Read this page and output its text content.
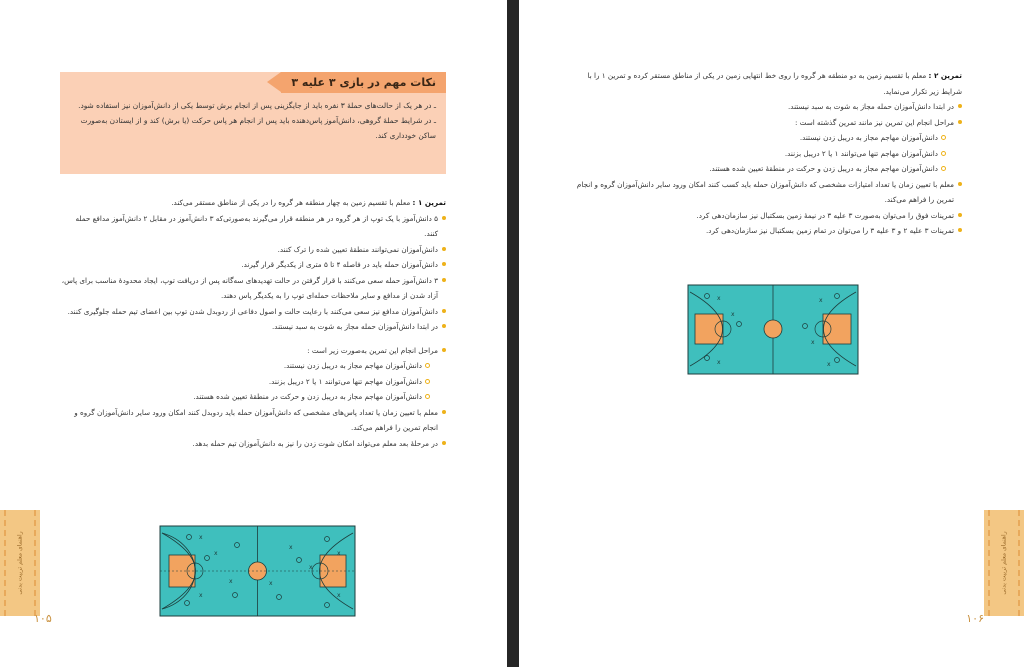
راهنمای معلم تربیت بدنی
۱۰۵
نکات مهم در بازی ۳ علیه ۳

ـ در هر یک از حالت‌های حملهٔ ۳ نفره باید از جایگزینی پس از انجام برش توسط یکی از دانش‌آموزان نیز استفاده شود.

ـ در شرایط حملهٔ گروهی، دانش‌آموز پاس‌دهنده باید پس از انجام هر پاس حرکت (یا برش) کند و از ایستادن به‌صورت ساکن خودداری کند.

تمرین ۱ : معلم با تقسیم زمین به چهار منطقه هر گروه را در یکی از مناطق مستقر می‌کند.

۵ دانش‌آموز با یک توپ از هر گروه در هر منطقه قرار می‌گیرند به‌صورتی‌که ۳ دانش‌آموز در مقابل ۲ دانش‌آموز مدافع حمله کنند.

دانش‌آموزان نمی‌توانند منطقهٔ تعیین شده را ترک کنند.

دانش‌آموزان حمله باید در فاصله ۴ تا ۵ متری از یکدیگر قرار گیرند.

۳ دانش‌آموز حمله سعی می‌کنند با قرار گرفتن در حالت تهدیدهای سه‌گانه پس از دریافت توپ، ایجاد محدودهٔ مناسب برای پاس، آزاد شدن از مدافع و سایر ملاحظات حمله‌ای توپ را به یکدیگر پاس دهند.

دانش‌آموزان مدافع نیز سعی می‌کنند با رعایت حالت و اصول دفاعی از رد‌وبدل شدن توپ بین اعضای تیم حمله جلوگیری کنند.

در ابتدا دانش‌آموزان حمله مجاز به شوت به سبد نیستند.

مراحل انجام این تمرین به‌صورت زیر است :

دانش‌آموزان مهاجم مجاز به دریبل زدن نیستند.

دانش‌آموزان مهاجم تنها می‌توانند ۱ یا ۲ دریبل بزنند.

دانش‌آموزان مهاجم مجاز به دریبل زدن و حرکت در منطقهٔ تعیین شده هستند.

معلم با تعیین زمان یا تعداد پاس‌های مشخصی که دانش‌آموزان حمله باید رد‌وبدل کنند امکان ورود سایر دانش‌آموزان گروه و انجام تمرین را فراهم می‌کند.

در مرحلهٔ بعد معلم می‌تواند امکان شوت زدن را نیز به دانش‌آموزان تیم حمله بدهد.

x
x
x
x
x
x
x
x
x	راهنمای معلم تربیت بدنی
۱۰۶

تمرین ۲ : معلم با تقسیم زمین به دو منطقه هر گروه را روی خط انتهایی زمین در یکی از مناطق مستقر کرده و تمرین ۱ را با شرایط زیر تکرار می‌نماید.

در ابتدا دانش‌آموزان حمله مجاز به شوت به سبد نیستند.

مراحل انجام این تمرین نیز مانند تمرین گذشته است :

دانش‌آموزان مهاجم مجاز به دریبل زدن نیستند.

دانش‌آموزان مهاجم تنها می‌توانند ۱ یا ۲ دریبل بزنند.

دانش‌آموزان مهاجم مجاز به دریبل زدن و حرکت در منطقهٔ تعیین شده هستند.

معلم با تعیین زمان یا تعداد امتیازات مشخصی که دانش‌آموزان حمله باید کسب کنند امکان ورود سایر دانش‌آموزان گروه و انجام تمرین را فراهم می‌کند.

تمرینات فوق را می‌توان به‌صورت ۳ علیه ۳ در نیمهٔ زمین بسکتبال نیز سازمان‌دهی کرد.

تمرینات ۳ علیه ۲ و ۳ علیه ۳ را می‌توان در تمام زمین بسکتبال نیز سازمان‌دهی کرد.

x
x
x
x
x
x
